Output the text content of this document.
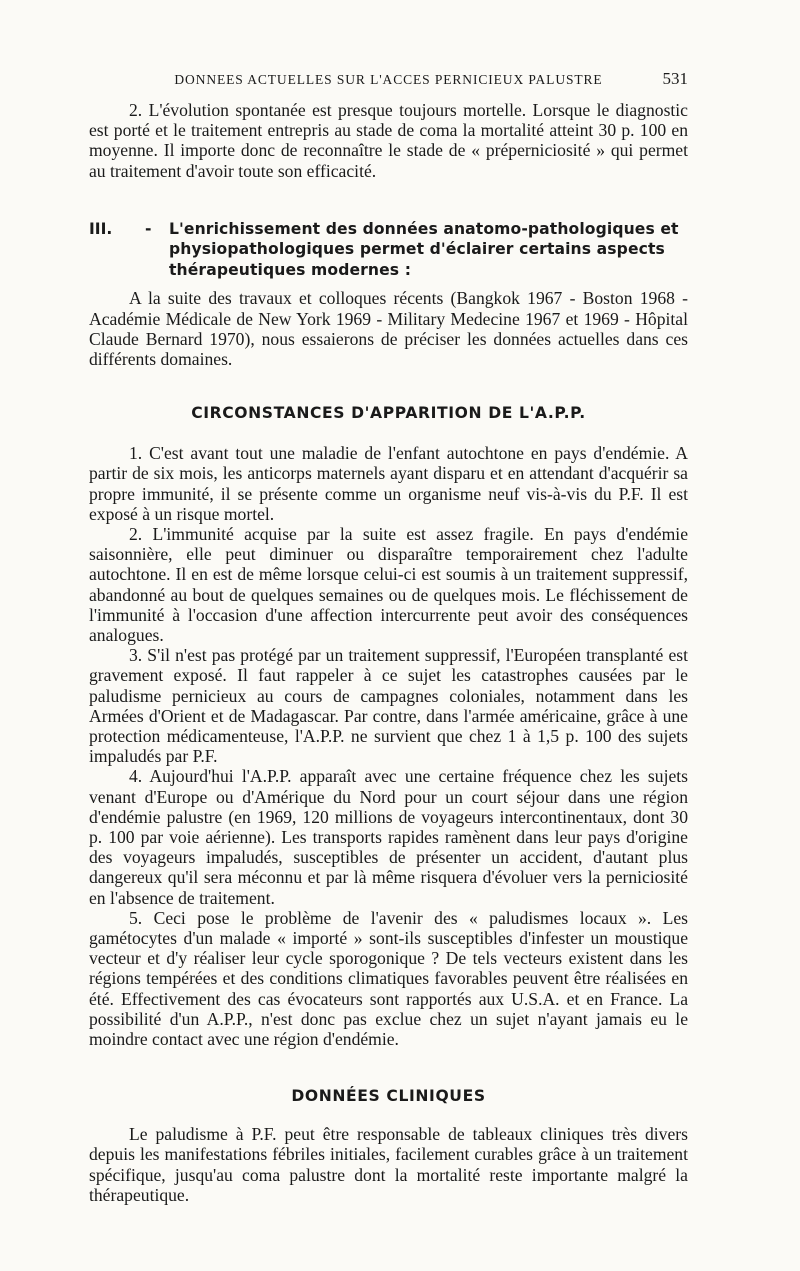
DONNEES ACTUELLES SUR L'ACCES PERNICIEUX PALUSTRE	531

2. L'évolution spontanée est presque toujours mortelle. Lorsque le diagnostic est porté et le traitement entrepris au stade de coma la mortalité atteint 30 p. 100 en moyenne. Il importe donc de reconnaître le stade de « préperniciosité » qui permet au traitement d'avoir toute son efficacité.

III.	-	L'enrichissement des données anatomo-pathologiques et physiopathologiques permet d'éclairer certains aspects thérapeutiques modernes :

A la suite des travaux et colloques récents (Bangkok 1967 - Boston 1968 - Académie Médicale de New York 1969 - Military Medecine 1967 et 1969 - Hôpital Claude Bernard 1970), nous essaierons de préciser les données actuelles dans ces différents domaines.

CIRCONSTANCES D'APPARITION DE L'A.P.P.

1. C'est avant tout une maladie de l'enfant autochtone en pays d'endémie. A partir de six mois, les anticorps maternels ayant disparu et en attendant d'acquérir sa propre immunité, il se présente comme un organisme neuf vis-à-vis du P.F. Il est exposé à un risque mortel.

2. L'immunité acquise par la suite est assez fragile. En pays d'endémie saisonnière, elle peut diminuer ou disparaître temporairement chez l'adulte autochtone. Il en est de même lorsque celui-ci est soumis à un traitement suppressif, abandonné au bout de quelques semaines ou de quelques mois. Le fléchissement de l'immunité à l'occasion d'une affection intercurrente peut avoir des conséquences analogues.

3. S'il n'est pas protégé par un traitement suppressif, l'Européen transplanté est gravement exposé. Il faut rappeler à ce sujet les catastrophes causées par le paludisme pernicieux au cours de campagnes coloniales, notamment dans les Armées d'Orient et de Madagascar. Par contre, dans l'armée américaine, grâce à une protection médicamenteuse, l'A.P.P. ne survient que chez 1 à 1,5 p. 100 des sujets impaludés par P.F.

4. Aujourd'hui l'A.P.P. apparaît avec une certaine fréquence chez les sujets venant d'Europe ou d'Amérique du Nord pour un court séjour dans une région d'endémie palustre (en 1969, 120 millions de voyageurs intercontinentaux, dont 30 p. 100 par voie aérienne). Les transports rapides ramènent dans leur pays d'origine des voyageurs impaludés, susceptibles de présenter un accident, d'autant plus dangereux qu'il sera méconnu et par là même risquera d'évoluer vers la perniciosité en l'absence de traitement.

5. Ceci pose le problème de l'avenir des « paludismes locaux ». Les gamétocytes d'un malade « importé » sont-ils susceptibles d'infester un moustique vecteur et d'y réaliser leur cycle sporogonique ? De tels vecteurs existent dans les régions tempérées et des conditions climatiques favorables peuvent être réalisées en été. Effectivement des cas évocateurs sont rapportés aux U.S.A. et en France. La possibilité d'un A.P.P., n'est donc pas exclue chez un sujet n'ayant jamais eu le moindre contact avec une région d'endémie.

DONNÉES CLINIQUES

Le paludisme à P.F. peut être responsable de tableaux cliniques très divers depuis les manifestations fébriles initiales, facilement curables grâce à un traitement spécifique, jusqu'au coma palustre dont la mortalité reste importante malgré la thérapeutique.
